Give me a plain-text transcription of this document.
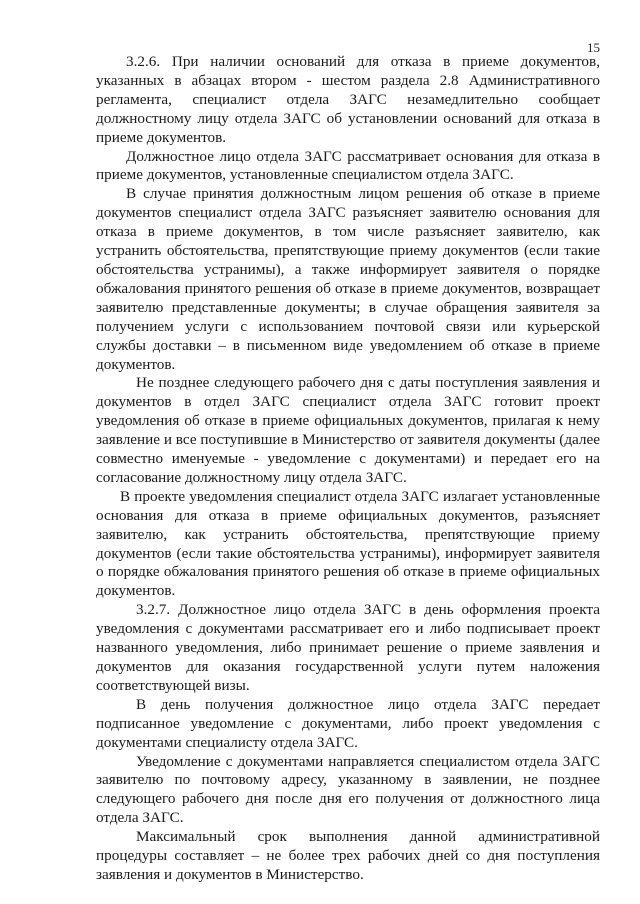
15

3.2.6. При наличии оснований для отказа в приеме документов, указанных в абзацах втором - шестом раздела 2.8 Административного регламента, специалист отдела ЗАГС незамедлительно сообщает должностному лицу отдела ЗАГС об установлении оснований для отказа в приеме документов.

Должностное лицо отдела ЗАГС рассматривает основания для отказа в приеме документов, установленные специалистом отдела ЗАГС.

В случае принятия должностным лицом решения об отказе в приеме документов специалист отдела ЗАГС разъясняет заявителю основания для отказа в приеме документов, в том числе разъясняет заявителю, как устранить обстоятельства, препятствующие приему документов (если такие обстоятельства устранимы), а также информирует заявителя о порядке обжалования принятого решения об отказе в приеме документов, возвращает заявителю представленные документы; в случае обращения заявителя за получением услуги с использованием почтовой связи или курьерской службы доставки – в письменном виде уведомлением об отказе в приеме документов.

Не позднее следующего рабочего дня с даты поступления заявления и документов в отдел ЗАГС специалист отдела ЗАГС готовит проект уведомления об отказе в приеме официальных документов, прилагая к нему заявление и все поступившие в Министерство от заявителя документы (далее совместно именуемые - уведомление с документами) и передает его на согласование должностному лицу отдела ЗАГС.

В проекте уведомления специалист отдела ЗАГС излагает установленные основания для отказа в приеме официальных документов, разъясняет заявителю, как устранить обстоятельства, препятствующие приему документов (если такие обстоятельства устранимы), информирует заявителя о порядке обжалования принятого решения об отказе в приеме официальных документов.

3.2.7. Должностное лицо отдела ЗАГС в день оформления проекта уведомления с документами рассматривает его и либо подписывает проект названного уведомления, либо принимает решение о приеме заявления и документов для оказания государственной услуги путем наложения соответствующей визы.

В день получения должностное лицо отдела ЗАГС передает подписанное уведомление с документами, либо проект уведомления с документами специалисту отдела ЗАГС.

Уведомление с документами направляется специалистом отдела ЗАГС заявителю по почтовому адресу, указанному в заявлении, не позднее следующего рабочего дня после дня его получения от должностного лица отдела ЗАГС.

Максимальный срок выполнения данной административной процедуры составляет – не более трех рабочих дней со дня поступления заявления и документов в Министерство.
